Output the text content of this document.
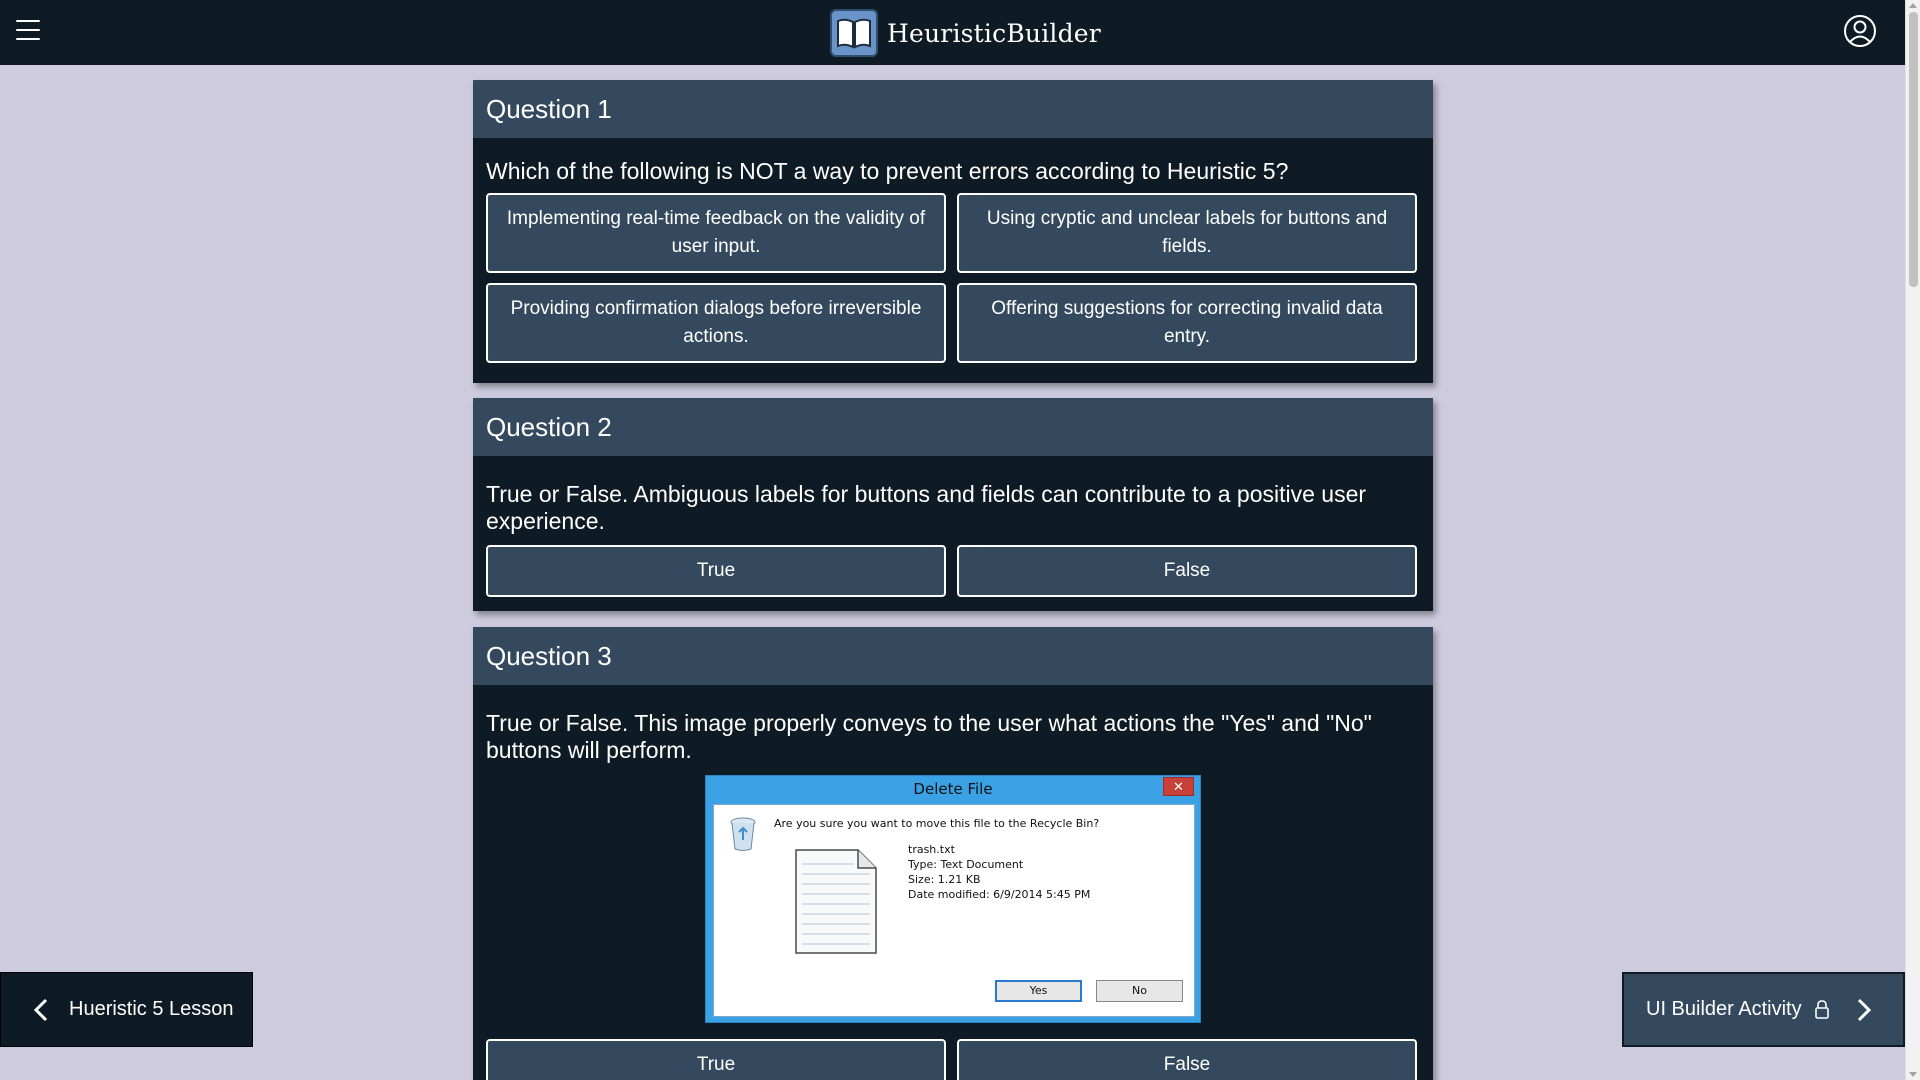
HeuristicBuilder
Question 1
Which of the following is NOT a way to prevent errors according to Heuristic 5?
Implementing real-time feedback on the validity of user input.
Using cryptic and unclear labels for buttons and fields.
Providing confirmation dialogs before irreversible actions.
Offering suggestions for correcting invalid data entry.
Question 2
True or False. Ambiguous labels for buttons and fields can contribute to a positive user experience.
True	False
Question 3
True or False. This image properly conveys to the user what actions the "Yes" and "No" buttons will perform.
True	False
Delete File	✕
Are you sure you want to move this file to the Recycle Bin?
trash.txt
Type: Text Document
Size: 1.21 KB
Date modified: 6/9/2014 5:45 PM
Yes	No
Hueristic 5 Lesson	UI Builder Activity
